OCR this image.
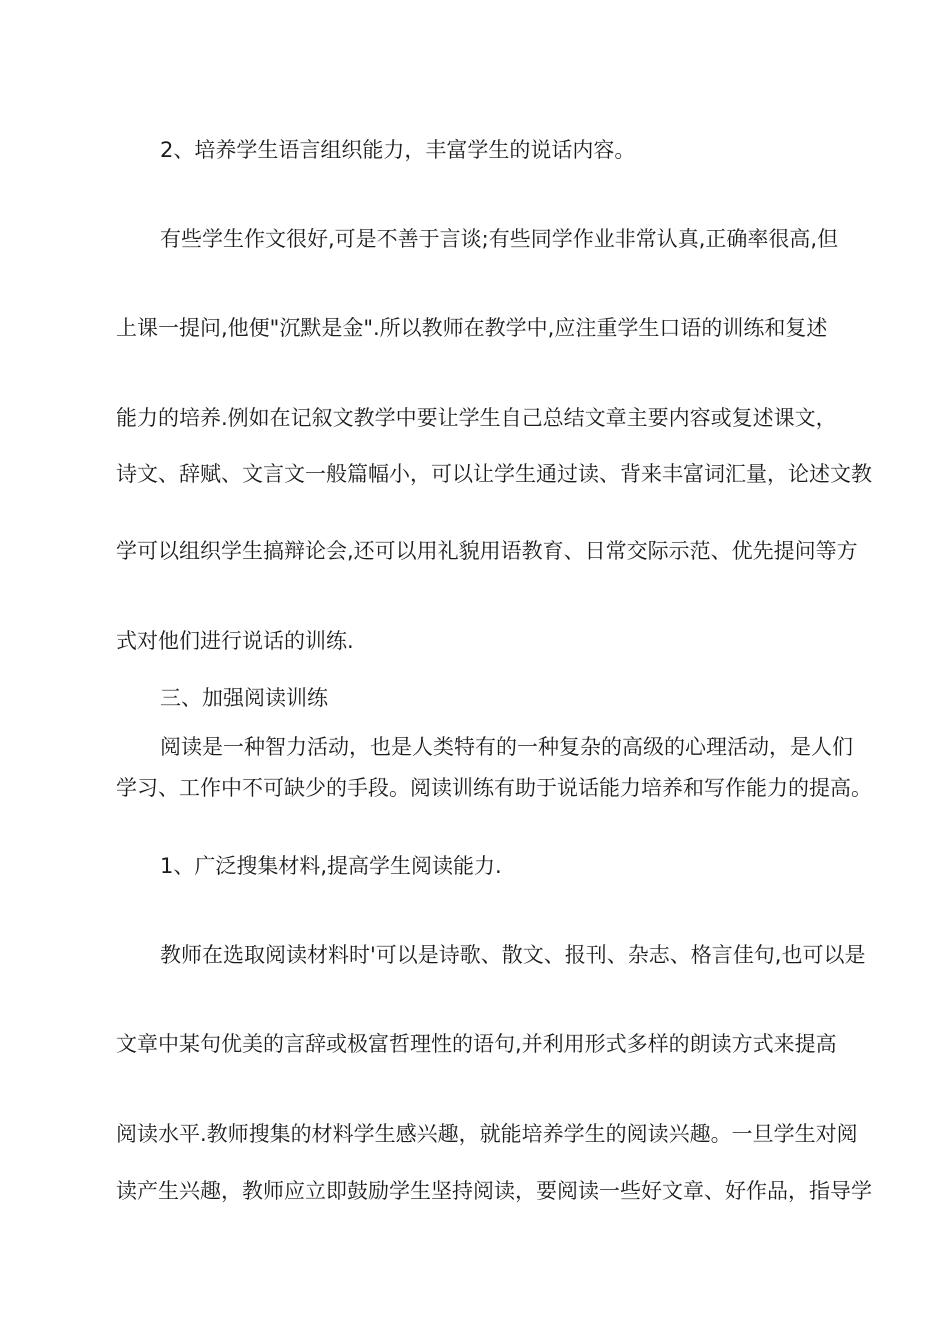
2、培养学生语言组织能力，丰富学生的说话内容。
有些学生作文很好,可是不善于言谈;有些同学作业非常认真,正确率很高,但
上课一提问,他便"沉默是金".所以教师在教学中,应注重学生口语的训练和复述
能力的培养.例如在记叙文教学中要让学生自己总结文章主要内容或复述课文，
诗文、辞赋、文言文一般篇幅小，可以让学生通过读、背来丰富词汇量，论述文教
学可以组织学生搞辩论会,还可以用礼貌用语教育、日常交际示范、优先提问等方
式对他们进行说话的训练.
三、加强阅读训练
阅读是一种智力活动，也是人类特有的一种复杂的高级的心理活动，是人们
学习、工作中不可缺少的手段。阅读训练有助于说话能力培养和写作能力的提高。
1、广泛搜集材料,提高学生阅读能力.
教师在选取阅读材料时'可以是诗歌、散文、报刊、杂志、格言佳句,也可以是
文章中某句优美的言辞或极富哲理性的语句,并利用形式多样的朗读方式来提高
阅读水平.教师搜集的材料学生感兴趣，就能培养学生的阅读兴趣。一旦学生对阅
读产生兴趣，教师应立即鼓励学生坚持阅读，要阅读一些好文章、好作品，指导学
